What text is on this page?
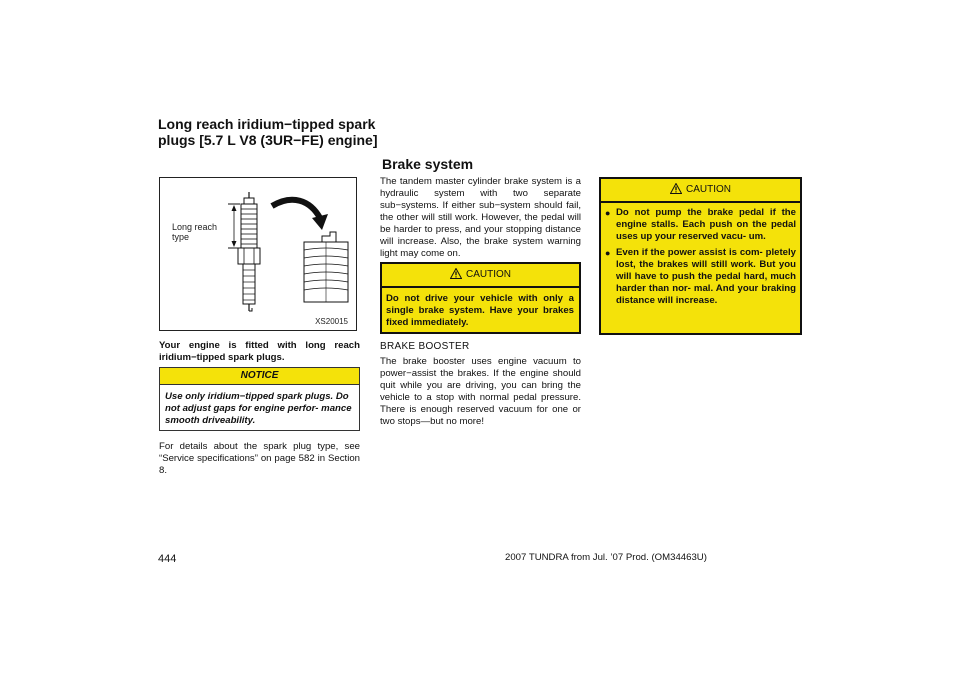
Long reach iridium−tipped spark plugs [5.7 L V8 (3UR−FE) engine]
Brake system
Long reach
type
XS20015
Your engine is fitted with long reach iridium−tipped spark plugs.
NOTICE
Use only iridium−tipped spark plugs. Do not adjust gaps for engine perfor- mance smooth driveability.
For details about the spark plug type, see “Service specifications” on page 582 in Section 8.
The tandem master cylinder brake system is a hydraulic system with two separate sub−systems. If either sub−system should fail, the other will still work. However, the pedal will be harder to press, and your stopping distance will increase. Also, the brake system warning light may come on.
CAUTION
Do not drive your vehicle with only a single brake system. Have your brakes fixed immediately.
BRAKE BOOSTER
The brake booster uses engine vacuum to power−assist the brakes. If the engine should quit while you are driving, you can bring the vehicle to a stop with normal pedal pressure. There is enough reserved vacuum for one or two stops—but no more!
CAUTION
● Do not pump the brake pedal if the engine stalls. Each push on the pedal uses up your reserved vacu- um.
● Even if the power assist is com- pletely lost, the brakes will still work. But you will have to push the pedal hard, much harder than nor- mal. And your braking distance will increase.
444	2007 TUNDRA from Jul. ’07 Prod. (OM34463U)
